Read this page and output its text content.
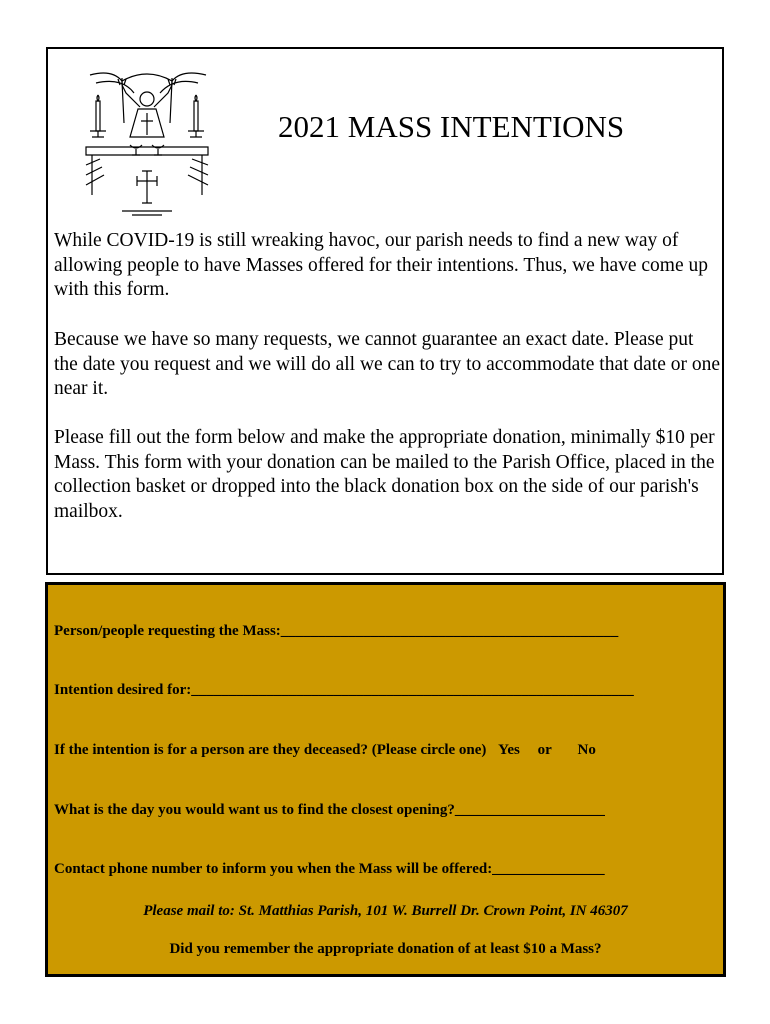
2021 MASS INTENTIONS

While COVID-19 is still wreaking havoc, our parish needs to find a new way of allowing people to have Masses offered for their intentions. Thus, we have come up with this form.

Because we have so many requests, we cannot guarantee an exact date. Please put the date you request and we will do all we can to try to accommodate that date or one near it.

Please fill out the form below and make the appropriate donation, minimally $10 per Mass. This form with your donation can be mailed to the Parish Office, placed in the collection basket or dropped into the black donation box on the side of our parish's mailbox.

Person/people requesting the Mass:_____________________________________________
Intention desired for:___________________________________________________________
If the intention is for a person are they deceased? (Please circle one) Yes or No
What is the day you would want us to find the closest opening?____________________
Contact phone number to inform you when the Mass will be offered:_______________
Please mail to: St. Matthias Parish, 101 W. Burrell Dr. Crown Point, IN 46307
Did you remember the appropriate donation of at least $10 a Mass?
